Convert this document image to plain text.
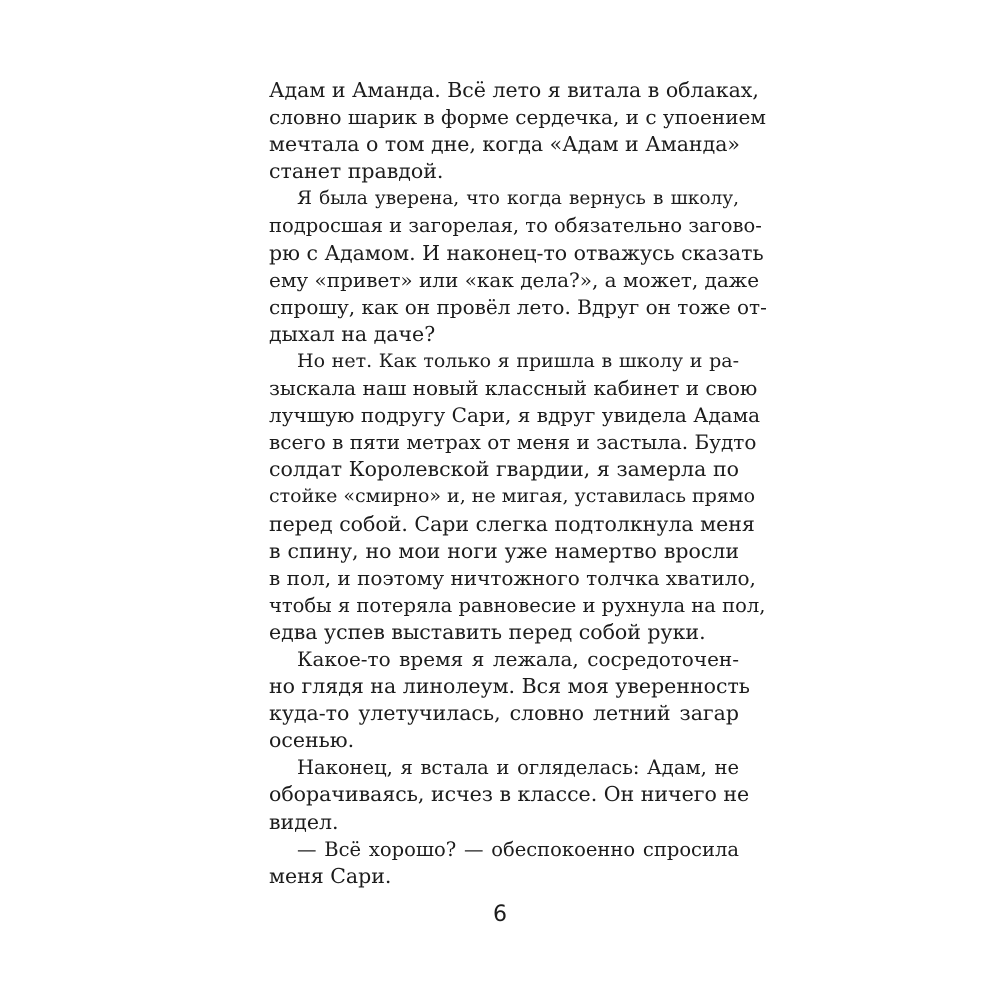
Адам и Аманда. Всё лето я витала в облаках,
словно шарик в форме сердечка, и с упоением
мечтала о том дне, когда «Адам и Аманда»
станет правдой.
Я была уверена, что когда вернусь в школу,
подросшая и загорелая, то обязательно загово-
рю с Адамом. И наконец-то отважусь сказать
ему «привет» или «как дела?», а может, даже
спрошу, как он провёл лето. Вдруг он тоже от-
дыхал на даче?
Но нет. Как только я пришла в школу и ра-
зыскала наш новый классный кабинет и свою
лучшую подругу Сари, я вдруг увидела Адама
всего в пяти метрах от меня и застыла. Будто
солдат Королевской гвардии, я замерла по
стойке «смирно» и, не мигая, уставилась прямо
перед собой. Сари слегка подтолкнула меня
в спину, но мои ноги уже намертво вросли
в пол, и поэтому ничтожного толчка хватило,
чтобы я потеряла равновесие и рухнула на пол,
едва успев выставить перед собой руки.
Какое-то время я лежала, сосредоточен-
но глядя на линолеум. Вся моя уверенность
куда-то улетучилась, словно летний загар
осенью.
Наконец, я встала и огляделась: Адам, не
оборачиваясь, исчез в классе. Он ничего не
видел.
— Всё хорошо? — обеспокоенно спросила
меня Сари.
6
